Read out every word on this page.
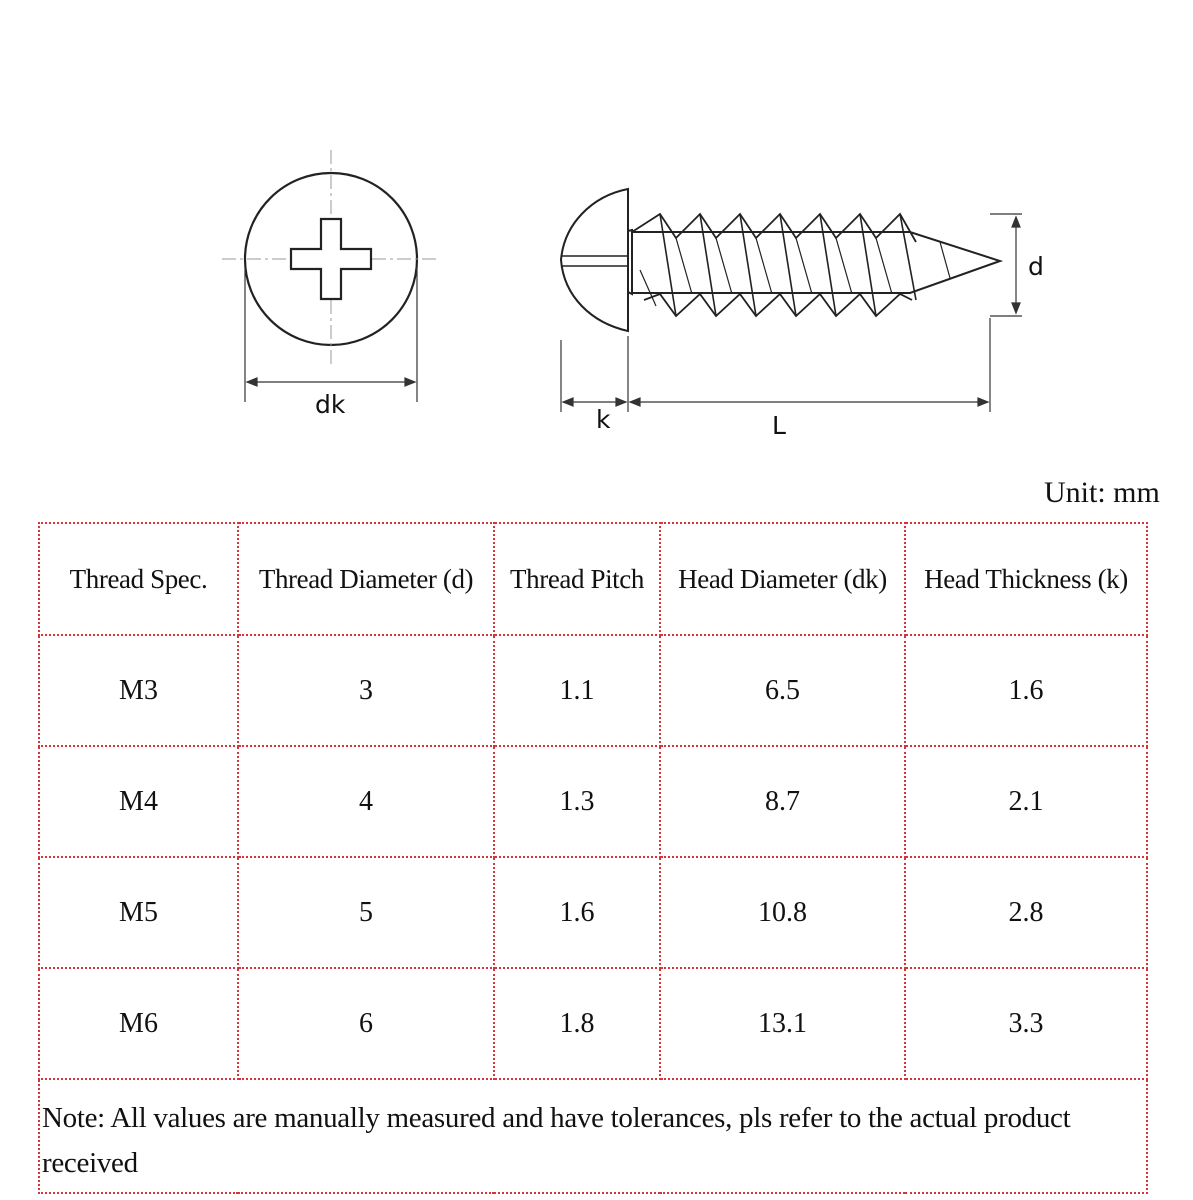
dk
d
k	L
Unit: mm
Thread Spec.	Thread Diameter (d)	Thread Pitch	Head Diameter (dk)	Head Thickness (k)
M3	3	1.1	6.5	1.6
M4	4	1.3	8.7	2.1
M5	5	1.6	10.8	2.8
M6	6	1.8	13.1	3.3
Note: All values are manually measured and have tolerances, pls refer to the actual product received				
